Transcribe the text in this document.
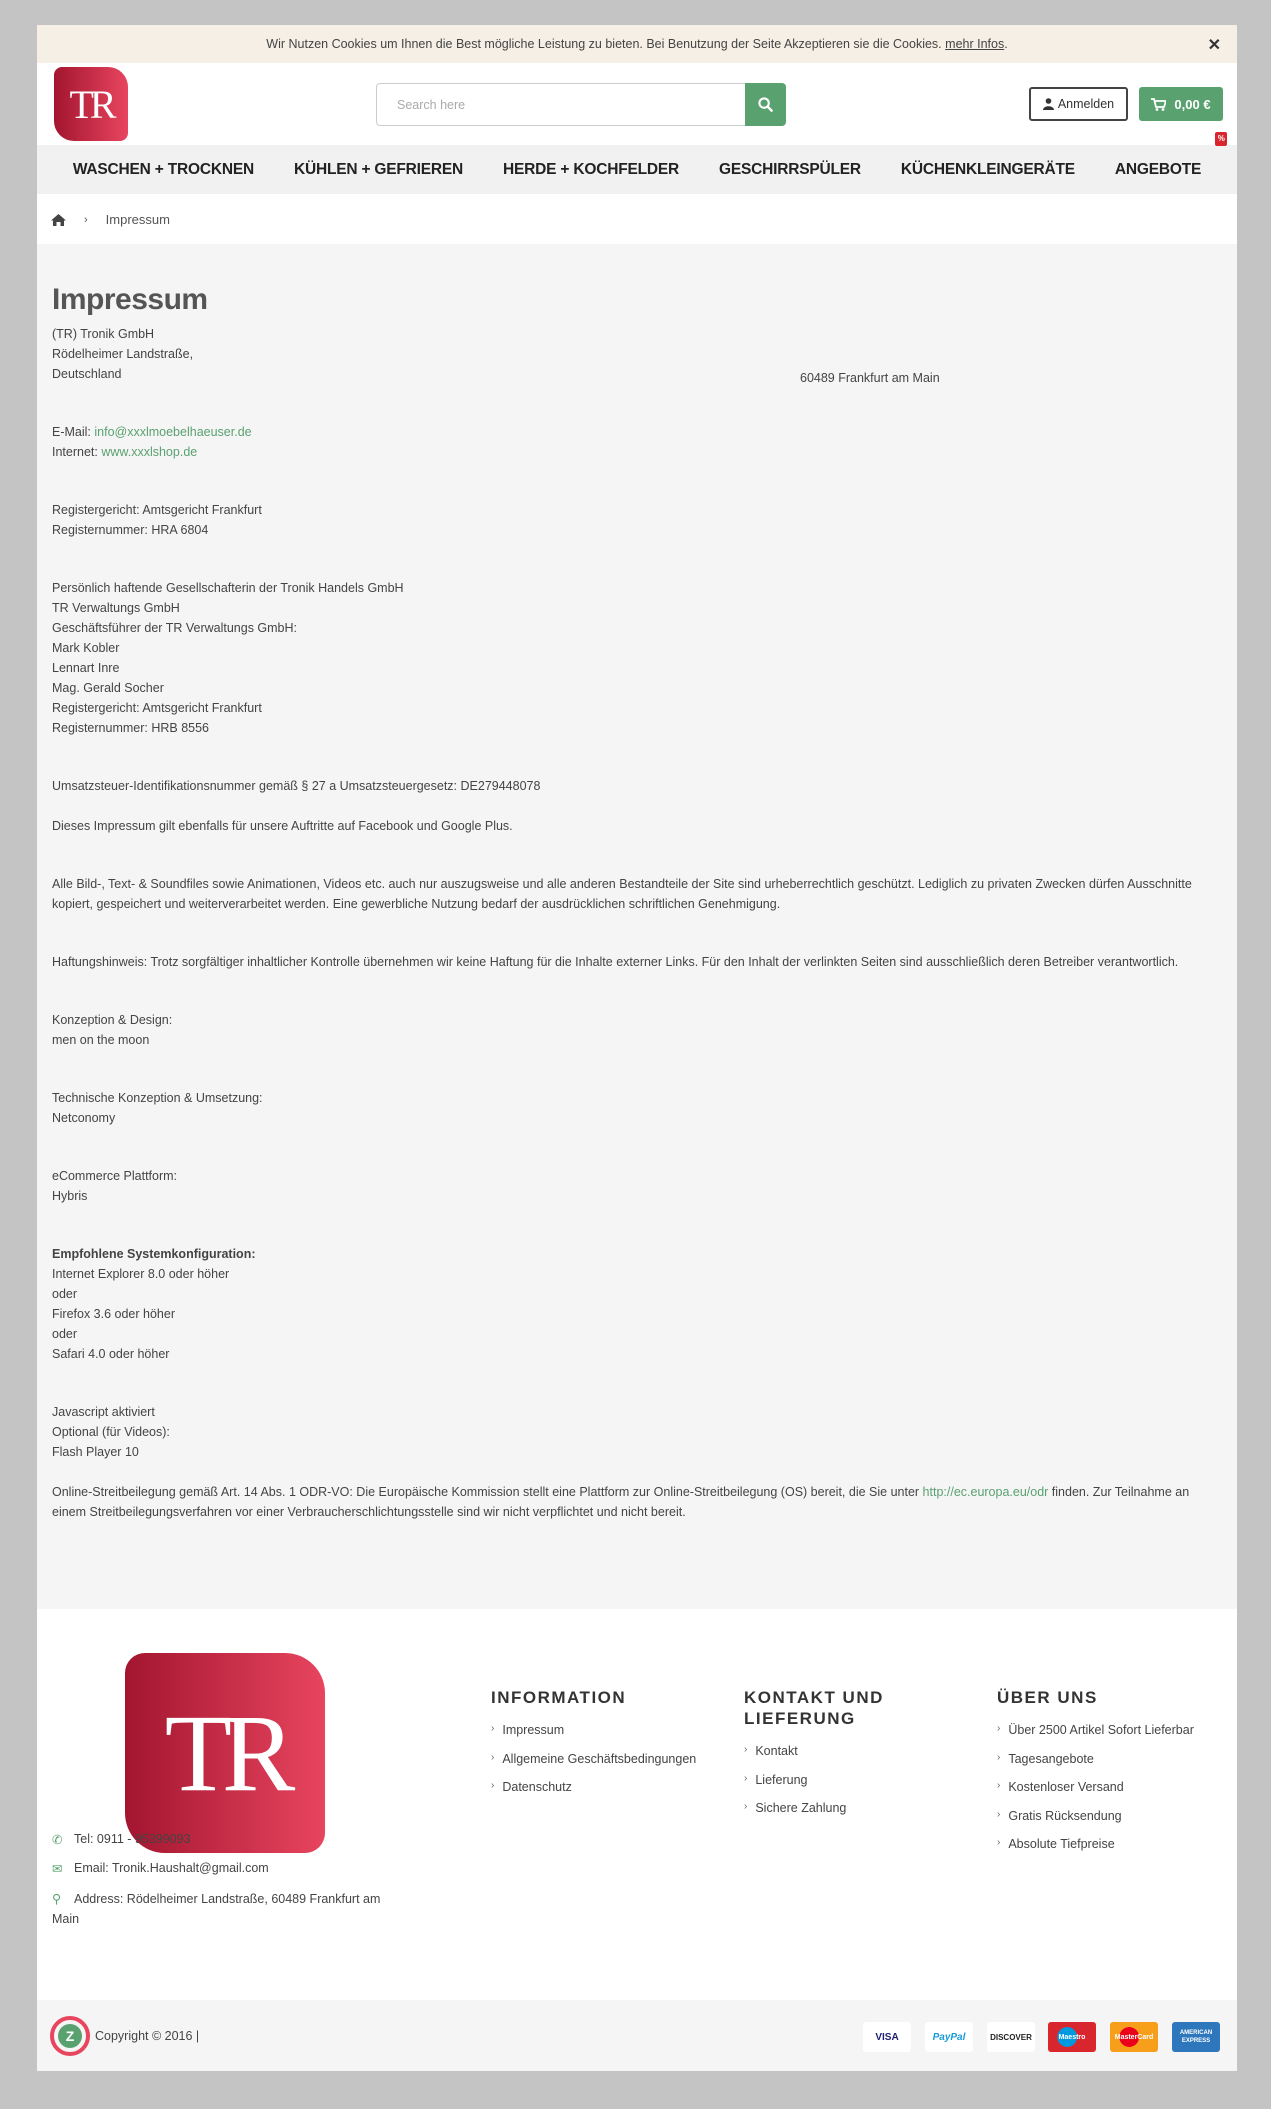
Wir Nutzen Cookies um Ihnen die Best mögliche Leistung zu bieten. Bei Benutzung der Seite Akzeptieren sie die Cookies.
mehr Infos .	✕
TR	Search here	Anmelden	0,00 €
WASCHEN + TROCKNEN	KÜHLEN + GEFRIEREN	HERDE + KOCHFELDER	GESCHIRRSPÜLER	KÜCHENKLEINGERÄTE	ANGEBOTE
%
› Impressum
Impressum

(TR) Tronik GmbH

Rödelheimer Landstraße,

Deutschland	60489 Frankfurt am Main

E-Mail: info@xxxlmoebelhaeuser.de

Internet: www.xxxlshop.de

Registergericht: Amtsgericht Frankfurt

Registernummer: HRA 6804

Persönlich haftende Gesellschafterin der Tronik Handels GmbH

TR Verwaltungs GmbH

Geschäftsführer der TR Verwaltungs GmbH:

Mark Kobler

Lennart Inre

Mag. Gerald Socher

Registergericht: Amtsgericht Frankfurt

Registernummer: HRB 8556

Umsatzsteuer-Identifikationsnummer gemäß § 27 a Umsatzsteuergesetz: DE279448078

Dieses Impressum gilt ebenfalls für unsere Auftritte auf Facebook und Google Plus.

Alle Bild-, Text- & Soundfiles sowie Animationen, Videos etc. auch nur auszugsweise und alle anderen Bestandteile der Site sind urheberrechtlich geschützt. Lediglich zu privaten Zwecken dürfen Ausschnitte kopiert, gespeichert und weiterverarbeitet werden. Eine gewerbliche Nutzung bedarf der ausdrücklichen schriftlichen Genehmigung.

Haftungshinweis: Trotz sorgfältiger inhaltlicher Kontrolle übernehmen wir keine Haftung für die Inhalte externer Links. Für den Inhalt der verlinkten Seiten sind ausschließlich deren Betreiber verantwortlich.

Konzeption & Design:

men on the moon

Technische Konzeption & Umsetzung:

Netconomy

eCommerce Plattform:

Hybris

Empfohlene Systemkonfiguration:

Internet Explorer 8.0 oder höher

oder

Firefox 3.6 oder höher

oder

Safari 4.0 oder höher

Javascript aktiviert

Optional (für Videos):

Flash Player 10

Online-Streitbeilegung gemäß Art. 14 Abs. 1 ODR-VO: Die Europäische Kommission stellt eine Plattform zur Online-Streitbeilegung (OS) bereit, die Sie unter http://ec.europa.eu/odr finden. Zur Teilnahme an einem Streitbeilegungsverfahren vor einer Verbraucherschlichtungsstelle sind wir nicht verpflichtet und nicht bereit.

TR
✆ Tel: 0911 - 95399093
✉ Email: Tronik.Haushalt@gmail.com
⚲ Address: Rödelheimer Landstraße, 60489 Frankfurt am
Main
INFORMATION
› Impressum
› Allgemeine Geschäftsbedingungen
› Datenschutz
KONTAKT UND
LIEFERUNG
› Kontakt
› Lieferung
› Sichere Zahlung
ÜBER UNS
› Über 2500 Artikel Sofort Lieferbar
› Tagesangebote
› Kostenloser Versand
› Gratis Rücksendung
› Absolute Tiefpreise
Z	Copyright © 2016 |	VISA	PayPal	DISCOVER	Maestro	MasterCard
AMERICAN EXPRESS
